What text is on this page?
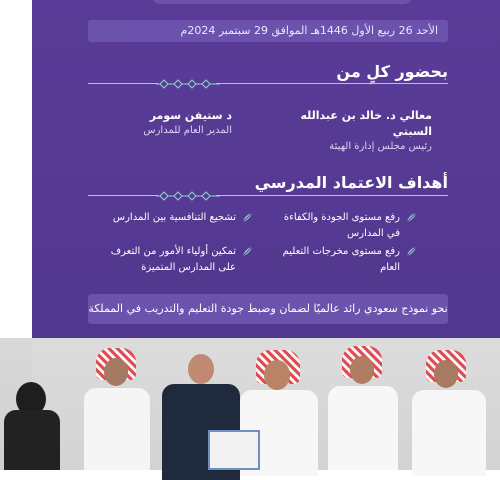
الأحد 26 ربيع الأول 1446هـ الموافق 29 سبتمبر 2024م
بحضور كلٍ من
معالي د. خالد بن عبدالله السبتي
رئيس مجلس إدارة الهيئة
د ستيفن سومر
المدير العام للمدارس
أهداف الاعتماد المدرسي
رفع مستوى الجودة والكفاءة في المدارس
تشجيع التنافسية بين المدارس
رفع مستوى مخرجات التعليم العام
تمكين أولياء الأمور من التعرف على المدارس المتميزة
نحو نموذج سعودي رائد عالميًا لضمان وضبط جودة التعليم والتدريب في المملكة
